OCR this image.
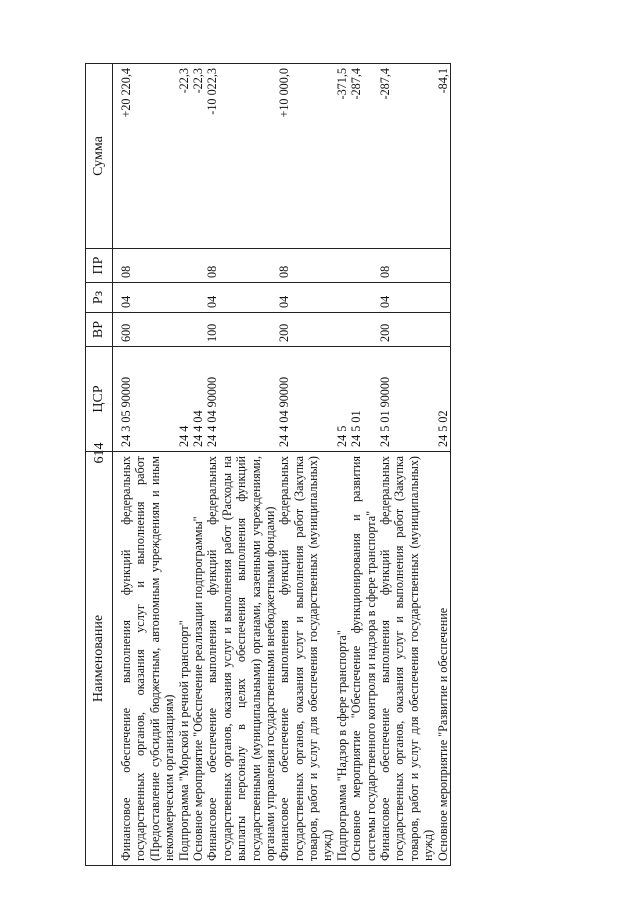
614
Наименование	ЦСР	ВР	Рз	ПР	Сумма

Финансовое обеспечение выполнения функций федеральных государственных органов, оказания услуг и выполнения работ (Предоставление субсидий бюджетным, автономным учреждениям и иным некоммерческим организациям)	24 3 05 90000	600	04	08	+20 220,4
Подпрограмма "Морской и речной транспорт"	24 4				-22,3
Основное мероприятие "Обеспечение реализации подпрограммы"	24 4 04				-22,3
Финансовое обеспечение выполнения функций федеральных государственных органов, оказания услуг и выполнения работ (Расходы на выплаты персоналу в целях обеспечения выполнения функций государственными (муниципальными) органами, казенными учреждениями, органами управления государственными внебюджетными фондами)	24 4 04 90000	100	04	08	-10 022,3
Финансовое обеспечение выполнения функций федеральных государственных органов, оказания услуг и выполнения работ (Закупка товаров, работ и услуг для обеспечения государственных (муниципальных) нужд)	24 4 04 90000	200	04	08	+10 000,0
Подпрограмма "Надзор в сфере транспорта"	24 5				-371,5
Основное мероприятие "Обеспечение функционирования и развития системы государственного контроля и надзора в сфере транспорта"	24 5 01				-287,4
Финансовое обеспечение выполнения функций федеральных государственных органов, оказания услуг и выполнения работ (Закупка товаров, работ и услуг для обеспечения государственных (муниципальных) нужд)	24 5 01 90000	200	04	08	-287,4
Основное мероприятие "Развитие и обеспечение	24 5 02				-84,1
